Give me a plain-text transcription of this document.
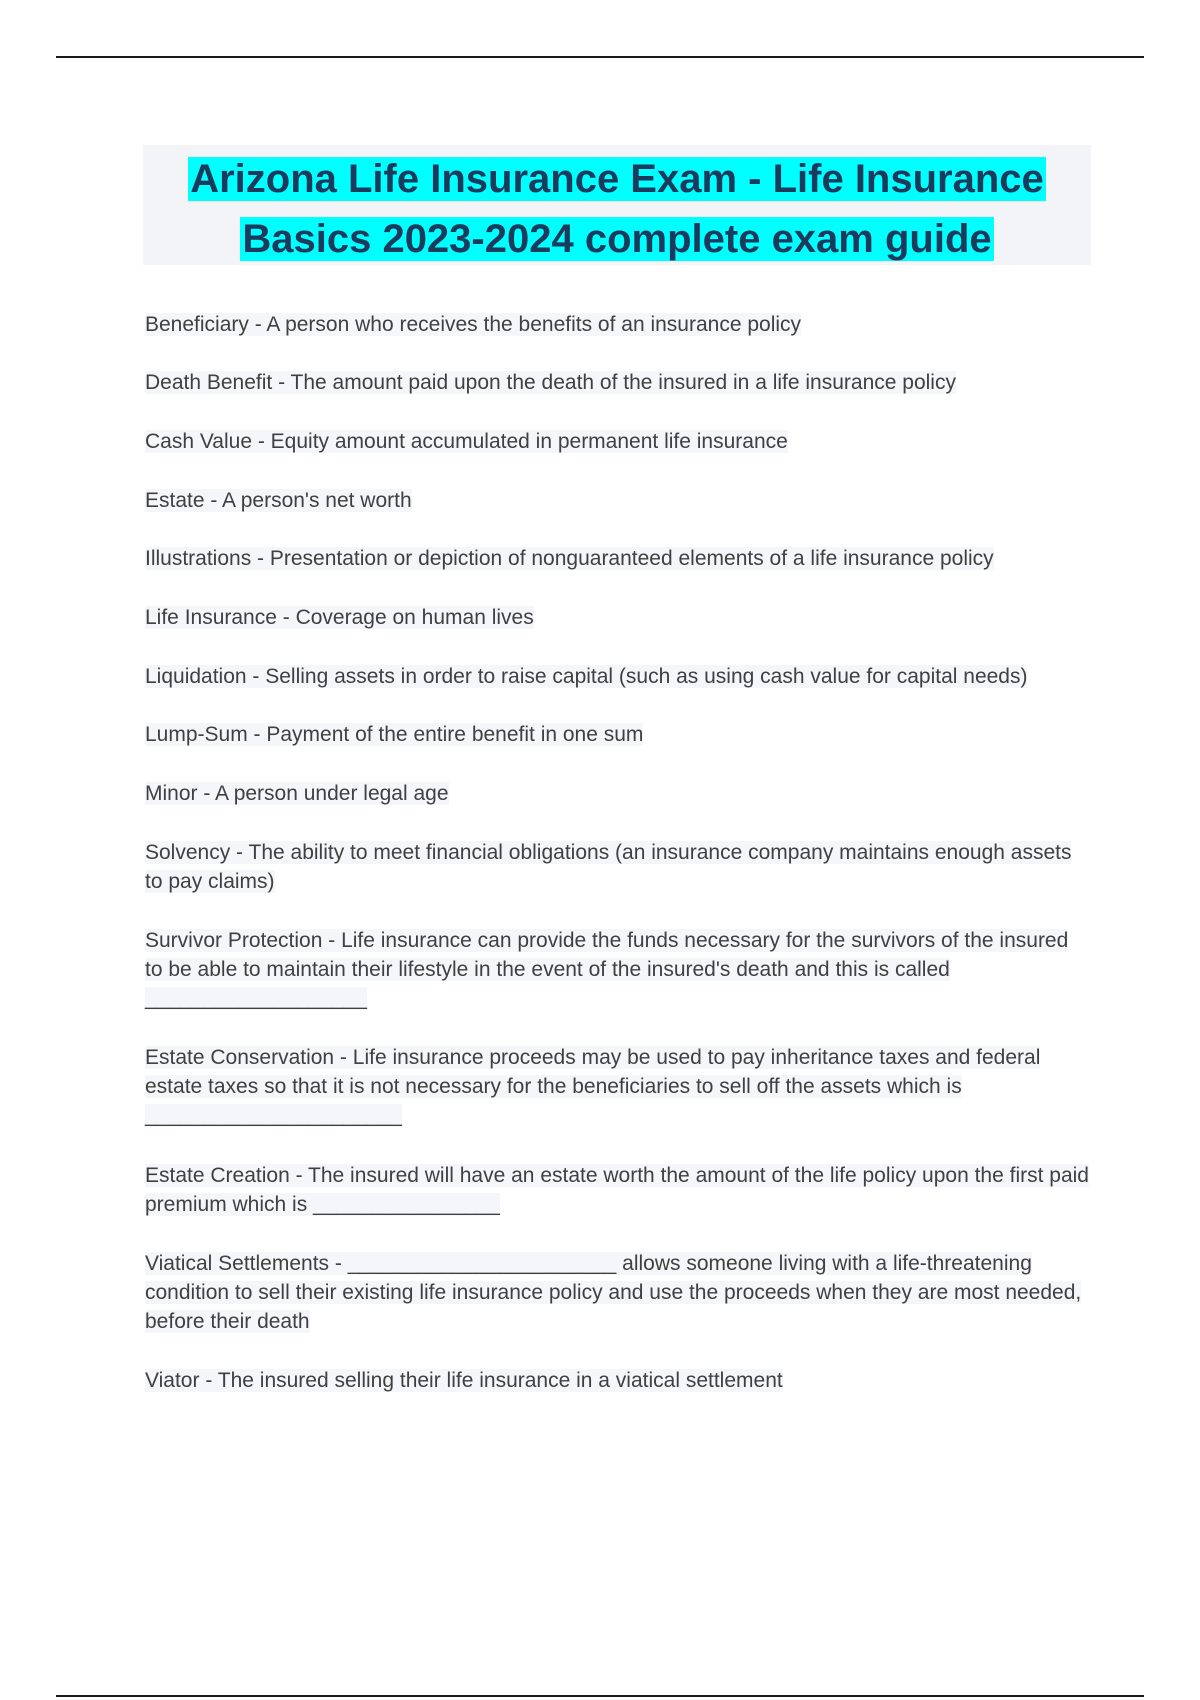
Arizona Life Insurance Exam - Life Insurance
Basics 2023-2024 complete exam guide

Beneficiary - A person who receives the benefits of an insurance policy

Death Benefit - The amount paid upon the death of the insured in a life insurance policy

Cash Value - Equity amount accumulated in permanent life insurance

Estate - A person's net worth

Illustrations - Presentation or depiction of nonguaranteed elements of a life insurance policy

Life Insurance - Coverage on human lives

Liquidation - Selling assets in order to raise capital (such as using cash value for capital needs)

Lump-Sum - Payment of the entire benefit in one sum

Minor - A person under legal age

Solvency - The ability to meet financial obligations (an insurance company maintains enough assets to pay claims)

Survivor Protection - Life insurance can provide the funds necessary for the survivors of the insured to be able to maintain their lifestyle in the event of the insured's death and this is called ___________________

Estate Conservation - Life insurance proceeds may be used to pay inheritance taxes and federal estate taxes so that it is not necessary for the beneficiaries to sell off the assets which is ______________________

Estate Creation - The insured will have an estate worth the amount of the life policy upon the first paid premium which is ________________

Viatical Settlements - _______________________ allows someone living with a life-threatening condition to sell their existing life insurance policy and use the proceeds when they are most needed, before their death

Viator - The insured selling their life insurance in a viatical settlement
